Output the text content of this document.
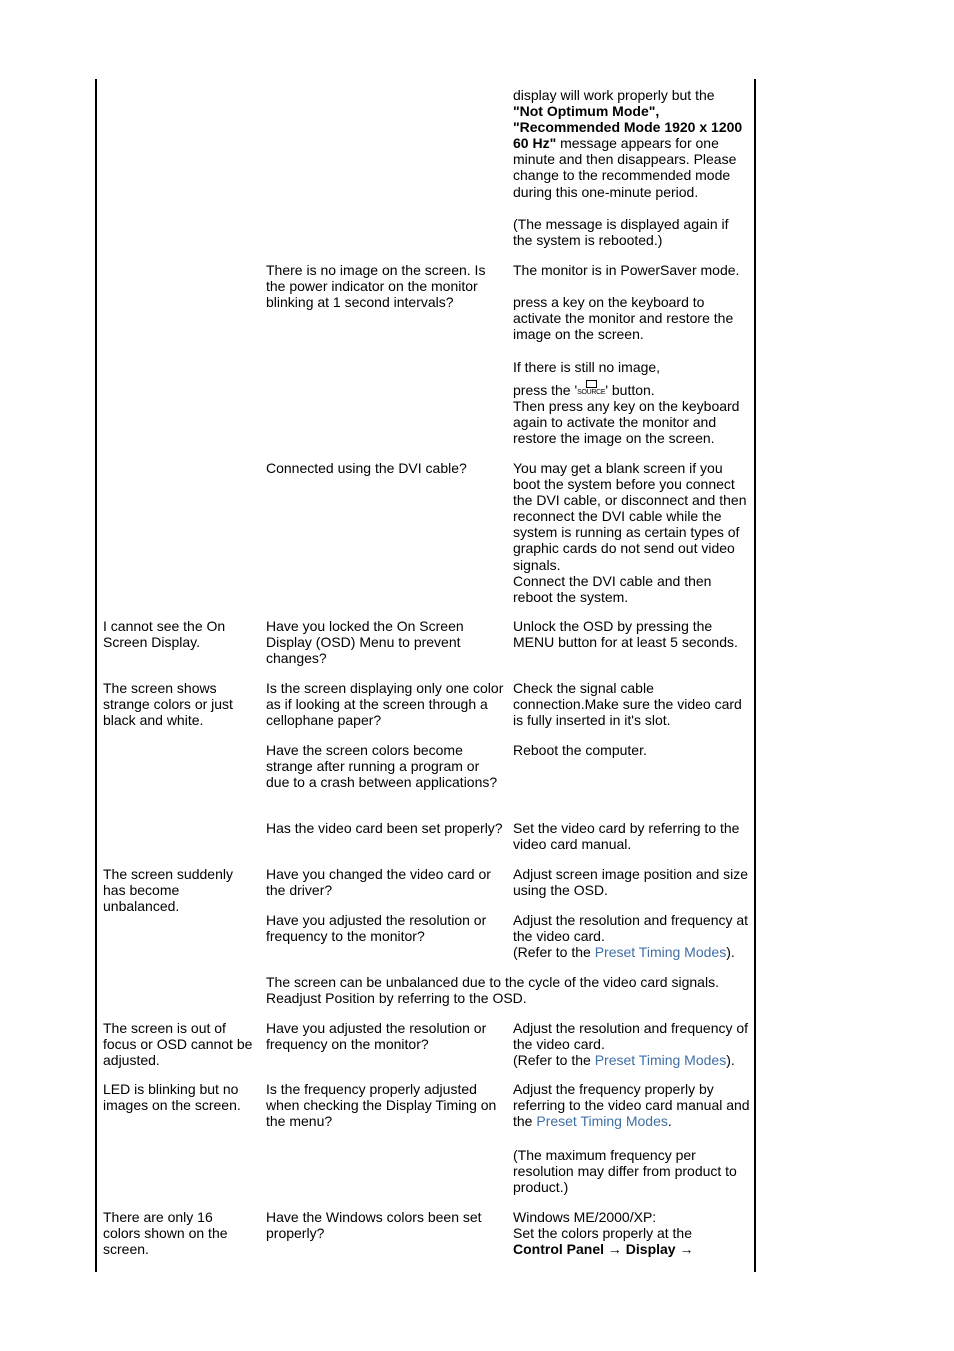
display will work properly but the
"Not Optimum Mode", "Recommended Mode 1920 x 1200 60 Hz" message appears for one minute and then disappears. Please change to the recommended mode during this one-minute period.
(The message is displayed again if the system is rebooted.)
There is no image on the screen. Is the power indicator on the monitor blinking at 1 second intervals?
The monitor is in PowerSaver mode.
press a key on the keyboard to activate the monitor and restore the image on the screen.
If there is still no image,
press the ' SOURCE ' button.
Then press any key on the keyboard again to activate the monitor and restore the image on the screen.
Connected using the DVI cable?	You may get a blank screen if you boot the system before you connect the DVI cable, or disconnect and then reconnect the DVI cable while the system is running as certain types of graphic cards do not send out video signals.
Connect the DVI cable and then reboot the system.
I cannot see the On Screen Display.
Have you locked the On Screen Display (OSD) Menu to prevent changes?
Unlock the OSD by pressing the MENU button for at least 5 seconds.
The screen shows strange colors or just black and white.
Is the screen displaying only one color as if looking at the screen through a cellophane paper?
Check the signal cable connection.Make sure the video card is fully inserted in it's slot.
Have the screen colors become strange after running a program or due to a crash between applications?
Reboot the computer.
Has the video card been set properly? Set the video card by referring to the video card manual.
The screen suddenly has become unbalanced.
Have you changed the video card or the driver?
Adjust screen image position and size using the OSD.
Have you adjusted the resolution or frequency to the monitor?
Adjust the resolution and frequency at the video card.
(Refer to the Preset Timing Modes).
The screen can be unbalanced due to the cycle of the video card signals. Readjust Position by referring to the OSD.
The screen is out of focus or OSD cannot be adjusted.
Have you adjusted the resolution or frequency on the monitor?
Adjust the resolution and frequency of the video card.
(Refer to the Preset Timing Modes).
LED is blinking but no images on the screen.
Is the frequency properly adjusted when checking the Display Timing on the menu?
Adjust the frequency properly by referring to the video card manual and the Preset Timing Modes.
(The maximum frequency per resolution may differ from product to product.)
There are only 16 colors shown on the screen.
Have the Windows colors been set properly?
Windows ME/2000/XP:
Set the colors properly at the
Control Panel → Display →
